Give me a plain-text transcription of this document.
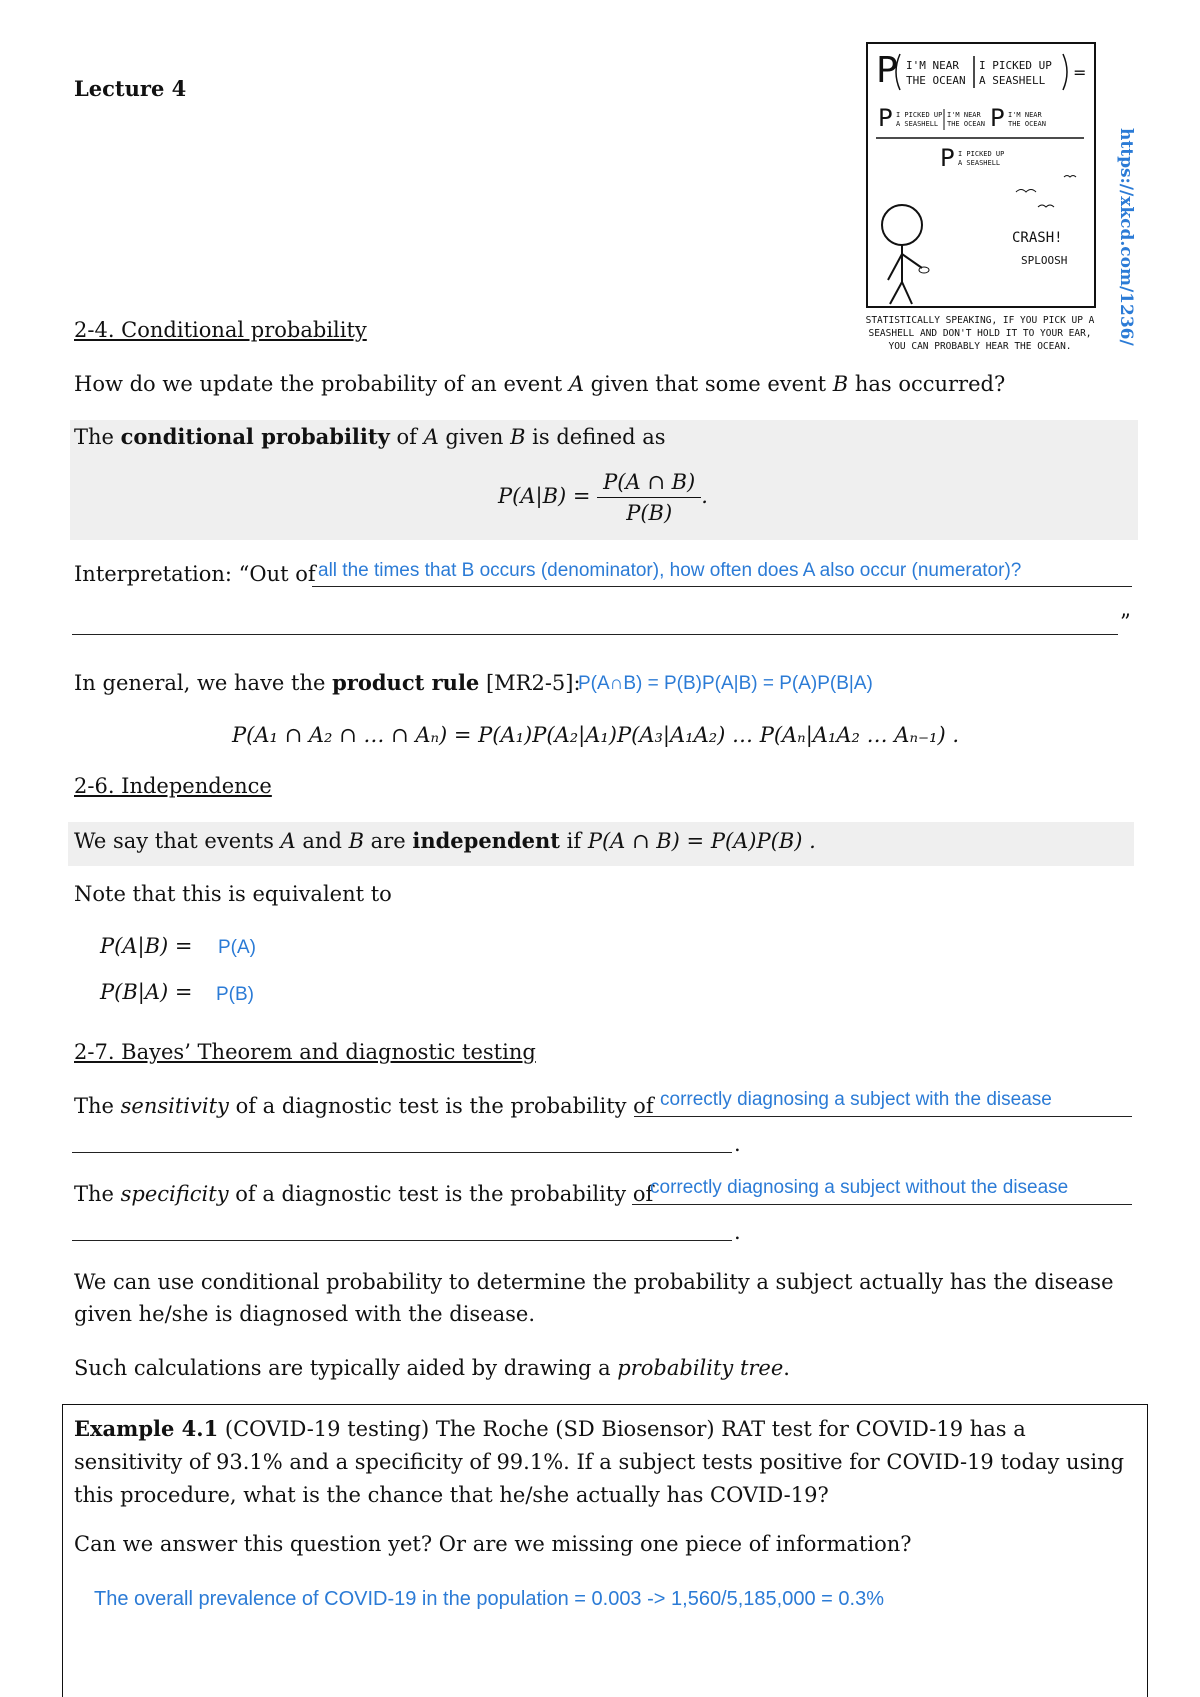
Lecture 4	P I'M NEAR
THE OCEAN
I PICKED UP
A SEASHELL =
P I PICKED UP
A SEASHELL
I'M NEAR
THE OCEAN P I'M NEAR
THE OCEAN
P I PICKED UP
A SEASHELL
CRASH!
SPLOOSH
STATISTICALLY SPEAKING, IF YOU PICK UP A SEASHELL AND DON'T HOLD IT TO YOUR EAR, YOU CAN PROBABLY HEAR THE OCEAN.
https://xkcd.com/1236/
2-4. Conditional probability
How do we update the probability of an event A given that some event B has occurred?
The conditional probability of A given B is defined as
$P(A|B) = \frac{P(A \cap B)}{P(B)}$ .
Interpretation: “Out of all the times that B occurs (denominator), how often does A also occur (numerator)?
”
In general, we have the product rule [MR2-5]:
P(A∩B) = P(B)P(A|B) = P(A)P(B|A)
P(A₁ ∩ A₂ ∩ … ∩ Aₙ) = P(A₁)P(A₂|A₁)P(A₃|A₁A₂) … P(Aₙ|A₁A₂ … Aₙ₋₁) .
2-6. Independence
We say that events A and B are independent if P(A ∩ B) = P(A)P(B) .
Note that this is equivalent to
P(A|B) = P(A)
P(B|A) = P(B)
2-7. Bayes’ Theorem and diagnostic testing
The sensitivity of a diagnostic test is the probability of correctly diagnosing a subject with the disease
.
The specificity of a diagnostic test is the probability of
correctly diagnosing a subject without the disease
.
We can use conditional probability to determine the probability a subject actually has the disease given he/she is diagnosed with the disease.
Such calculations are typically aided by drawing a probability tree.
Example 4.1 (COVID-19 testing) The Roche (SD Biosensor) RAT test for COVID-19 has a sensitivity of 93.1% and a specificity of 99.1%. If a subject tests positive for COVID-19 today using this procedure, what is the chance that he/she actually has COVID-19?
Can we answer this question yet? Or are we missing one piece of information?
The overall prevalence of COVID-19 in the population = 0.003 -> 1,560/5,185,000 = 0.3%
